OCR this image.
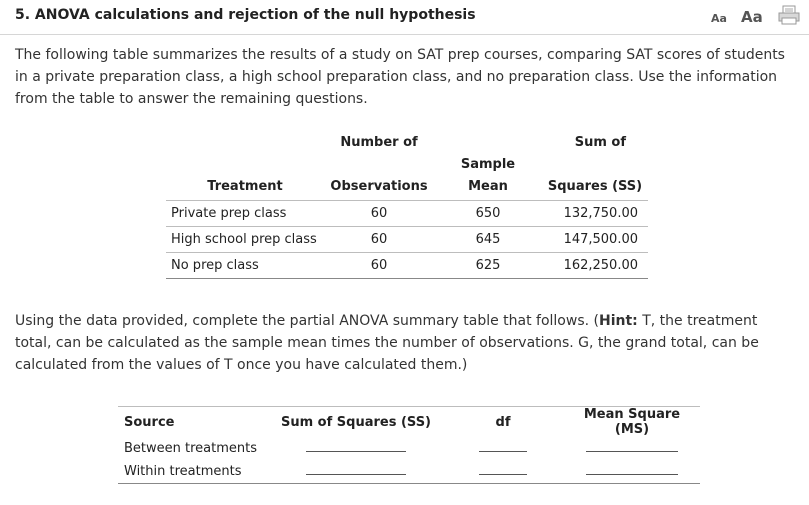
5. ANOVA calculations and rejection of the null hypothesis	Aa Aa
The following table summarizes the results of a study on SAT prep courses, comparing SAT scores of students in a private preparation class, a high school preparation class, and no preparation class. Use the information from the table to answer the remaining questions.
	Number of		Sum of
Treatment	Observations	Sample Mean	Squares (SS)
Private prep class	60	650	132,750.00
High school prep class	60	645	147,500.00
No prep class	60	625	162,250.00
Using the data provided, complete the partial ANOVA summary table that follows. (Hint: T, the treatment total, can be calculated as the sample mean times the number of observations. G, the grand total, can be calculated from the values of T once you have calculated them.)
Source	Sum of Squares (SS)	df	Mean Square (MS)
Between treatments			
Within treatments			
